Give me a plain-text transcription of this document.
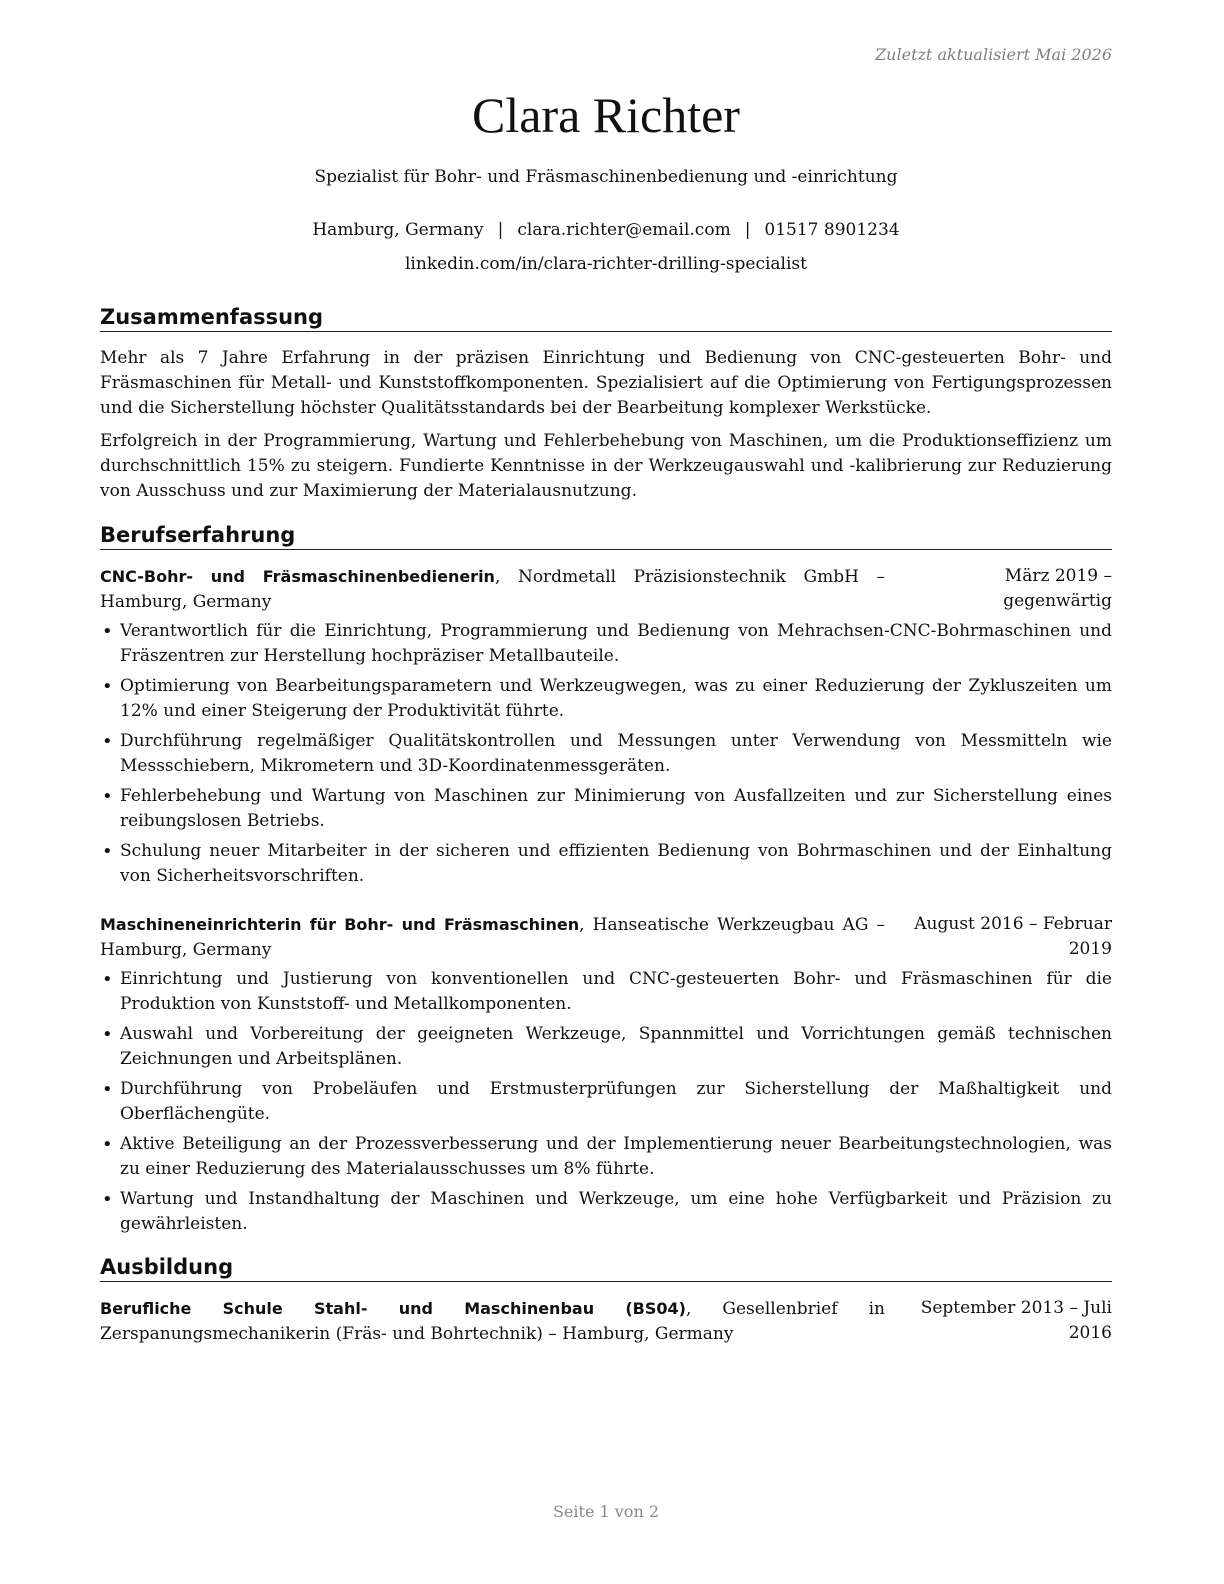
Zuletzt aktualisiert Mai 2026
Clara Richter
Spezialist für Bohr- und Fräsmaschinenbedienung und -einrichtung
Hamburg, Germany | clara.richter@email.com | 01517 8901234
linkedin.com/in/clara-richter-drilling-specialist
Zusammenfassung

Mehr als 7 Jahre Erfahrung in der präzisen Einrichtung und Bedienung von CNC-gesteuerten Bohr- und Fräsmaschinen für Metall- und Kunststoffkomponenten. Spezialisiert auf die Optimierung von Fertigungsprozessen und die Sicherstellung höchster Qualitätsstandards bei der Bearbeitung komplexer Werkstücke.

Erfolgreich in der Programmierung, Wartung und Fehlerbehebung von Maschinen, um die Produktionseffizienz um durchschnittlich 15% zu steigern. Fundierte Kenntnisse in der Werkzeugauswahl und -kalibrierung zur Reduzierung von Ausschuss und zur Maximierung der Materialausnutzung.

Berufserfahrung
CNC-Bohr- und Fräsmaschinenbedienerin, Nordmetall Präzisionstechnik GmbH – Hamburg, Germany
März 2019 – gegenwärtig
• Verantwortlich für die Einrichtung, Programmierung und Bedienung von Mehrachsen-CNC-Bohrmaschinen und Fräszentren zur Herstellung hochpräziser Metallbauteile.
• Optimierung von Bearbeitungsparametern und Werkzeugwegen, was zu einer Reduzierung der Zykluszeiten um 12% und einer Steigerung der Produktivität führte.
• Durchführung regelmäßiger Qualitätskontrollen und Messungen unter Verwendung von Messmitteln wie Messschiebern, Mikrometern und 3D-Koordinatenmessgeräten.
• Fehlerbehebung und Wartung von Maschinen zur Minimierung von Ausfallzeiten und zur Sicherstellung eines reibungslosen Betriebs.
• Schulung neuer Mitarbeiter in der sicheren und effizienten Bedienung von Bohrmaschinen und der Einhaltung von Sicherheitsvorschriften.
Maschineneinrichterin für Bohr- und Fräsmaschinen, Hanseatische Werkzeugbau AG – Hamburg, Germany
August 2016 – Februar 2019
• Einrichtung und Justierung von konventionellen und CNC-gesteuerten Bohr- und Fräsmaschinen für die Produktion von Kunststoff- und Metallkomponenten.
• Auswahl und Vorbereitung der geeigneten Werkzeuge, Spannmittel und Vorrichtungen gemäß technischen Zeichnungen und Arbeitsplänen.
• Durchführung von Probeläufen und Erstmusterprüfungen zur Sicherstellung der Maßhaltigkeit und Oberflächengüte.
• Aktive Beteiligung an der Prozessverbesserung und der Implementierung neuer Bearbeitungstechnologien, was zu einer Reduzierung des Materialausschusses um 8% führte.
• Wartung und Instandhaltung der Maschinen und Werkzeuge, um eine hohe Verfügbarkeit und Präzision zu gewährleisten.
Ausbildung
Berufliche Schule Stahl- und Maschinenbau (BS04), Gesellenbrief in Zerspanungsmechanikerin (Fräs- und Bohrtechnik) – Hamburg, Germany
September 2013 – Juli 2016
Seite 1 von 2
